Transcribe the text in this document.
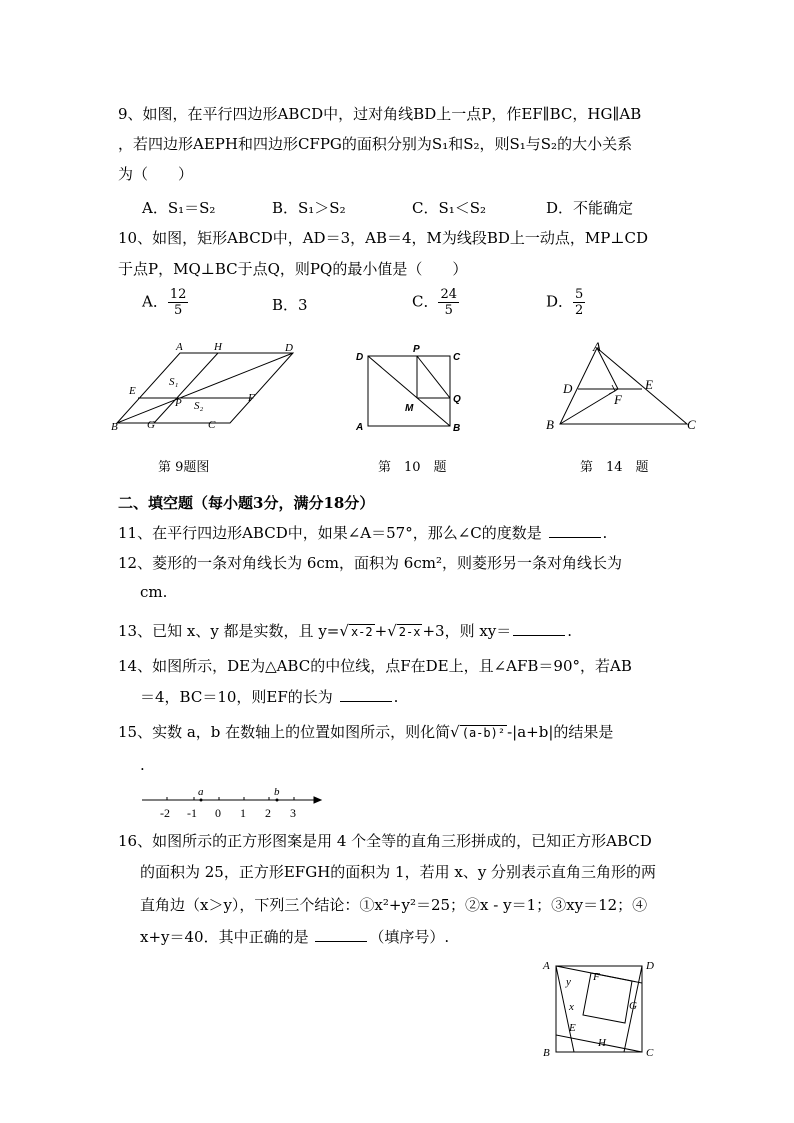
9、如图，在平行四边形ABCD中，过对角线BD上一点P，作EF∥BC，HG∥AB
，若四边形AEPH和四边形CFPG的面积分别为S₁和S₂，则S₁与S₂的大小关系
为（　　）
A．S₁＝S₂	B．S₁＞S₂	C．S₁＜S₂	D．不能确定
10、如图，矩形ABCD中，AD＝3，AB＝4，M为线段BD上一动点，MP⊥CD
于点P，MQ⊥BC于点Q，则PQ的最小值是（　　）
A． $\frac{12}{5}$	B．3	C． $\frac{24}{5}$	D． $\frac{5}{2}$
A	H	D
E
S₁
P S₂
F
B	G	C
第 9题图
D
P
C
Q
M
A	B
第　10　题
A
D	E
F
B	C
第　14　题
二、填空题（每小题3分，满分18分）
11、在平行四边形ABCD中，如果∠A＝57°，那么∠C的度数是	.
12、菱形的一条对角线长为 6cm，面积为 6cm²，则菱形另一条对角线长为
cm.
13、已知 x、y 都是实数，且 y=√ x-2 +√ 2-x +3，则 xy＝	.
14、如图所示，DE为△ABC的中位线，点F在DE上，且∠AFB＝90°，若AB
＝4，BC＝10，则EF的长为	.
15、实数 a，b 在数轴上的位置如图所示，则化简√ (a-b)² -|a+b|的结果是
.
a	b
-2 -1 0 1 2 3
16、如图所示的正方形图案是用 4 个全等的直角三形拼成的，已知正方形ABCD
的面积为 25，正方形EFGH的面积为 1，若用 x、y 分别表示直角三角形的两
直角边（x＞y），下列三个结论：①x²+y²＝25；②x - y＝1；③xy＝12；④
x+y＝40．其中正确的是	（填序号）.
A	D
y F
x	G
E
H
B	C
